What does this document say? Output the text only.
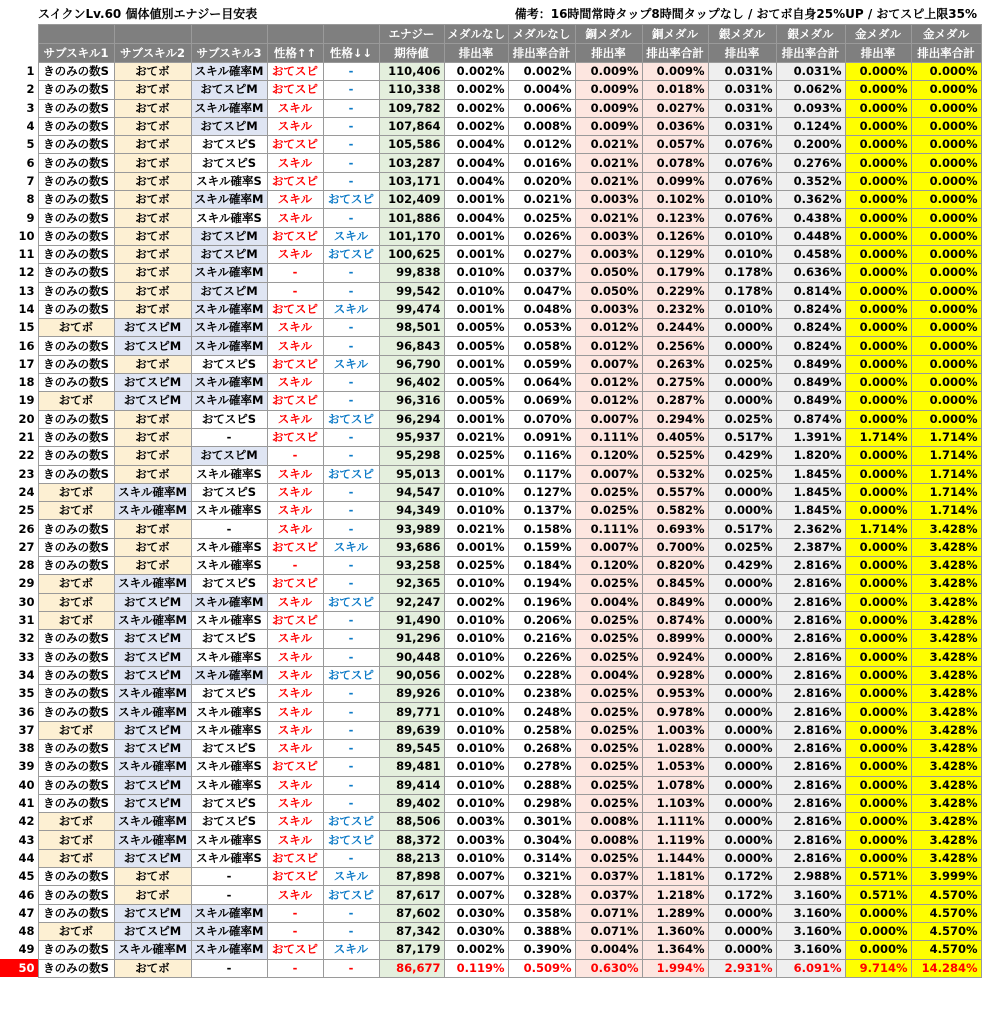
スイクンLv.60 個体値別エナジー目安表	備考：16時間常時タップ8時間タップなし / おてボ自身25%UP / おてスピ上限35%
						エナジー	メダルなし	メダルなし	銅メダル	銅メダル	銀メダル	銀メダル	金メダル	金メダル
	サブスキル1	サブスキル2	サブスキル3	性格↑↑	性格↓↓	期待値	排出率	排出率合計	排出率	排出率合計	排出率	排出率合計	排出率	排出率合計
1	きのみの数S	おてボ	スキル確率M	おてスピ	-	110,406	0.002%	0.002%	0.009%	0.009%	0.031%	0.031%	0.000%	0.000%
2	きのみの数S	おてボ	おてスピM	おてスピ	-	110,338	0.002%	0.004%	0.009%	0.018%	0.031%	0.062%	0.000%	0.000%
3	きのみの数S	おてボ	スキル確率M	スキル	-	109,782	0.002%	0.006%	0.009%	0.027%	0.031%	0.093%	0.000%	0.000%
4	きのみの数S	おてボ	おてスピM	スキル	-	107,864	0.002%	0.008%	0.009%	0.036%	0.031%	0.124%	0.000%	0.000%
5	きのみの数S	おてボ	おてスピS	おてスピ	-	105,586	0.004%	0.012%	0.021%	0.057%	0.076%	0.200%	0.000%	0.000%
6	きのみの数S	おてボ	おてスピS	スキル	-	103,287	0.004%	0.016%	0.021%	0.078%	0.076%	0.276%	0.000%	0.000%
7	きのみの数S	おてボ	スキル確率S	おてスピ	-	103,171	0.004%	0.020%	0.021%	0.099%	0.076%	0.352%	0.000%	0.000%
8	きのみの数S	おてボ	スキル確率M	スキル	おてスピ	102,409	0.001%	0.021%	0.003%	0.102%	0.010%	0.362%	0.000%	0.000%
9	きのみの数S	おてボ	スキル確率S	スキル	-	101,886	0.004%	0.025%	0.021%	0.123%	0.076%	0.438%	0.000%	0.000%
10	きのみの数S	おてボ	おてスピM	おてスピ	スキル	101,170	0.001%	0.026%	0.003%	0.126%	0.010%	0.448%	0.000%	0.000%
11	きのみの数S	おてボ	おてスピM	スキル	おてスピ	100,625	0.001%	0.027%	0.003%	0.129%	0.010%	0.458%	0.000%	0.000%
12	きのみの数S	おてボ	スキル確率M	-	-	99,838	0.010%	0.037%	0.050%	0.179%	0.178%	0.636%	0.000%	0.000%
13	きのみの数S	おてボ	おてスピM	-	-	99,542	0.010%	0.047%	0.050%	0.229%	0.178%	0.814%	0.000%	0.000%
14	きのみの数S	おてボ	スキル確率M	おてスピ	スキル	99,474	0.001%	0.048%	0.003%	0.232%	0.010%	0.824%	0.000%	0.000%
15	おてボ	おてスピM	スキル確率M	スキル	-	98,501	0.005%	0.053%	0.012%	0.244%	0.000%	0.824%	0.000%	0.000%
16	きのみの数S	おてスピM	スキル確率M	スキル	-	96,843	0.005%	0.058%	0.012%	0.256%	0.000%	0.824%	0.000%	0.000%
17	きのみの数S	おてボ	おてスピS	おてスピ	スキル	96,790	0.001%	0.059%	0.007%	0.263%	0.025%	0.849%	0.000%	0.000%
18	きのみの数S	おてスピM	スキル確率M	スキル	-	96,402	0.005%	0.064%	0.012%	0.275%	0.000%	0.849%	0.000%	0.000%
19	おてボ	おてスピM	スキル確率M	おてスピ	-	96,316	0.005%	0.069%	0.012%	0.287%	0.000%	0.849%	0.000%	0.000%
20	きのみの数S	おてボ	おてスピS	スキル	おてスピ	96,294	0.001%	0.070%	0.007%	0.294%	0.025%	0.874%	0.000%	0.000%
21	きのみの数S	おてボ	-	おてスピ	-	95,937	0.021%	0.091%	0.111%	0.405%	0.517%	1.391%	1.714%	1.714%
22	きのみの数S	おてボ	おてスピM	-	-	95,298	0.025%	0.116%	0.120%	0.525%	0.429%	1.820%	0.000%	1.714%
23	きのみの数S	おてボ	スキル確率S	スキル	おてスピ	95,013	0.001%	0.117%	0.007%	0.532%	0.025%	1.845%	0.000%	1.714%
24	おてボ	スキル確率M	おてスピS	スキル	-	94,547	0.010%	0.127%	0.025%	0.557%	0.000%	1.845%	0.000%	1.714%
25	おてボ	スキル確率M	スキル確率S	スキル	-	94,349	0.010%	0.137%	0.025%	0.582%	0.000%	1.845%	0.000%	1.714%
26	きのみの数S	おてボ	-	スキル	-	93,989	0.021%	0.158%	0.111%	0.693%	0.517%	2.362%	1.714%	3.428%
27	きのみの数S	おてボ	スキル確率S	おてスピ	スキル	93,686	0.001%	0.159%	0.007%	0.700%	0.025%	2.387%	0.000%	3.428%
28	きのみの数S	おてボ	スキル確率S	-	-	93,258	0.025%	0.184%	0.120%	0.820%	0.429%	2.816%	0.000%	3.428%
29	おてボ	スキル確率M	おてスピS	おてスピ	-	92,365	0.010%	0.194%	0.025%	0.845%	0.000%	2.816%	0.000%	3.428%
30	おてボ	おてスピM	スキル確率M	スキル	おてスピ	92,247	0.002%	0.196%	0.004%	0.849%	0.000%	2.816%	0.000%	3.428%
31	おてボ	スキル確率M	スキル確率S	おてスピ	-	91,490	0.010%	0.206%	0.025%	0.874%	0.000%	2.816%	0.000%	3.428%
32	きのみの数S	おてスピM	おてスピS	スキル	-	91,296	0.010%	0.216%	0.025%	0.899%	0.000%	2.816%	0.000%	3.428%
33	きのみの数S	おてスピM	スキル確率S	スキル	-	90,448	0.010%	0.226%	0.025%	0.924%	0.000%	2.816%	0.000%	3.428%
34	きのみの数S	おてスピM	スキル確率M	スキル	おてスピ	90,056	0.002%	0.228%	0.004%	0.928%	0.000%	2.816%	0.000%	3.428%
35	きのみの数S	スキル確率M	おてスピS	スキル	-	89,926	0.010%	0.238%	0.025%	0.953%	0.000%	2.816%	0.000%	3.428%
36	きのみの数S	スキル確率M	スキル確率S	スキル	-	89,771	0.010%	0.248%	0.025%	0.978%	0.000%	2.816%	0.000%	3.428%
37	おてボ	おてスピM	スキル確率S	スキル	-	89,639	0.010%	0.258%	0.025%	1.003%	0.000%	2.816%	0.000%	3.428%
38	きのみの数S	おてスピM	おてスピS	スキル	-	89,545	0.010%	0.268%	0.025%	1.028%	0.000%	2.816%	0.000%	3.428%
39	きのみの数S	スキル確率M	スキル確率S	おてスピ	-	89,481	0.010%	0.278%	0.025%	1.053%	0.000%	2.816%	0.000%	3.428%
40	きのみの数S	おてスピM	スキル確率S	スキル	-	89,414	0.010%	0.288%	0.025%	1.078%	0.000%	2.816%	0.000%	3.428%
41	きのみの数S	おてスピM	おてスピS	スキル	-	89,402	0.010%	0.298%	0.025%	1.103%	0.000%	2.816%	0.000%	3.428%
42	おてボ	スキル確率M	おてスピS	スキル	おてスピ	88,506	0.003%	0.301%	0.008%	1.111%	0.000%	2.816%	0.000%	3.428%
43	おてボ	スキル確率M	スキル確率S	スキル	おてスピ	88,372	0.003%	0.304%	0.008%	1.119%	0.000%	2.816%	0.000%	3.428%
44	おてボ	おてスピM	スキル確率S	おてスピ	-	88,213	0.010%	0.314%	0.025%	1.144%	0.000%	2.816%	0.000%	3.428%
45	きのみの数S	おてボ	-	おてスピ	スキル	87,898	0.007%	0.321%	0.037%	1.181%	0.172%	2.988%	0.571%	3.999%
46	きのみの数S	おてボ	-	スキル	おてスピ	87,617	0.007%	0.328%	0.037%	1.218%	0.172%	3.160%	0.571%	4.570%
47	きのみの数S	おてスピM	スキル確率M	-	-	87,602	0.030%	0.358%	0.071%	1.289%	0.000%	3.160%	0.000%	4.570%
48	おてボ	おてスピM	スキル確率M	-	-	87,342	0.030%	0.388%	0.071%	1.360%	0.000%	3.160%	0.000%	4.570%
49	きのみの数S	スキル確率M	スキル確率M	おてスピ	スキル	87,179	0.002%	0.390%	0.004%	1.364%	0.000%	3.160%	0.000%	4.570%
50	きのみの数S	おてボ	-	-	-	86,677	0.119%	0.509%	0.630%	1.994%	2.931%	6.091%	9.714%	14.284%
